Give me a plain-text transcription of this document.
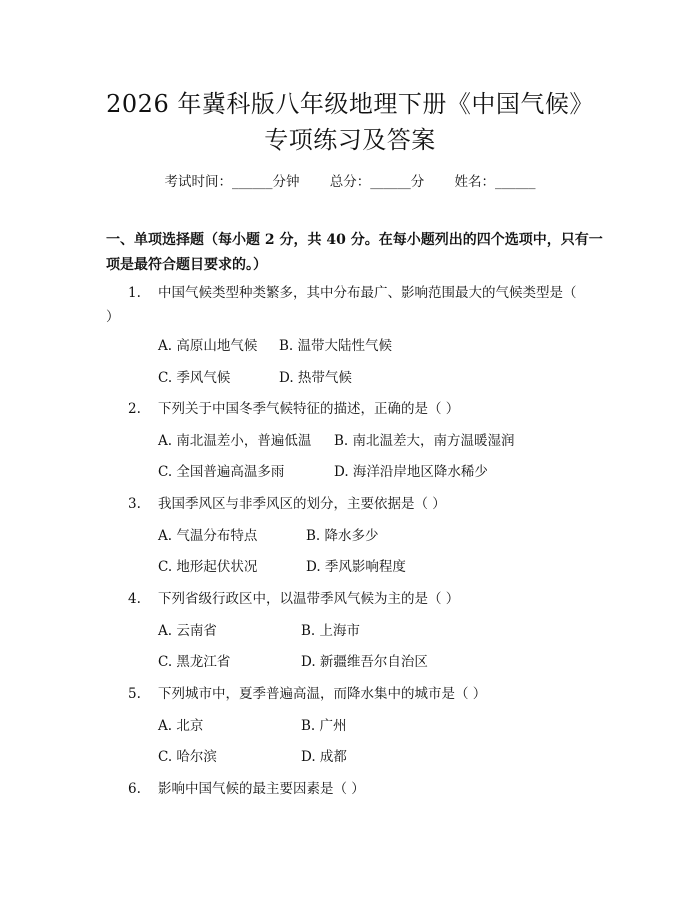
2026 年冀科版八年级地理下册《中国气候》
专项练习及答案
考试时间：______分钟 总分：______分 姓名：______
一、单项选择题（每小题 2 分，共 40 分。在每小题列出的四个选项中，只有一项是最符合题目要求的。）
1. 中国气候类型种类繁多，其中分布最广、影响范围最大的气候类型是（ ）
A. 高原山地气候 B. 温带大陆性气候
C. 季风气候	D. 热带气候
2. 下列关于中国冬季气候特征的描述，正确的是（ ）
A. 南北温差小，普遍低温 B. 南北温差大，南方温暖湿润
C. 全国普遍高温多雨	D. 海洋沿岸地区降水稀少
3. 我国季风区与非季风区的划分，主要依据是（ ）
A. 气温分布特点	B. 降水多少
C. 地形起伏状况	D. 季风影响程度
4. 下列省级行政区中，以温带季风气候为主的是（ ）
A. 云南省	B. 上海市
C. 黑龙江省	D. 新疆维吾尔自治区
5. 下列城市中，夏季普遍高温，而降水集中的城市是（ ）
A. 北京	B. 广州
C. 哈尔滨	D. 成都
6. 影响中国气候的最主要因素是（ ）
